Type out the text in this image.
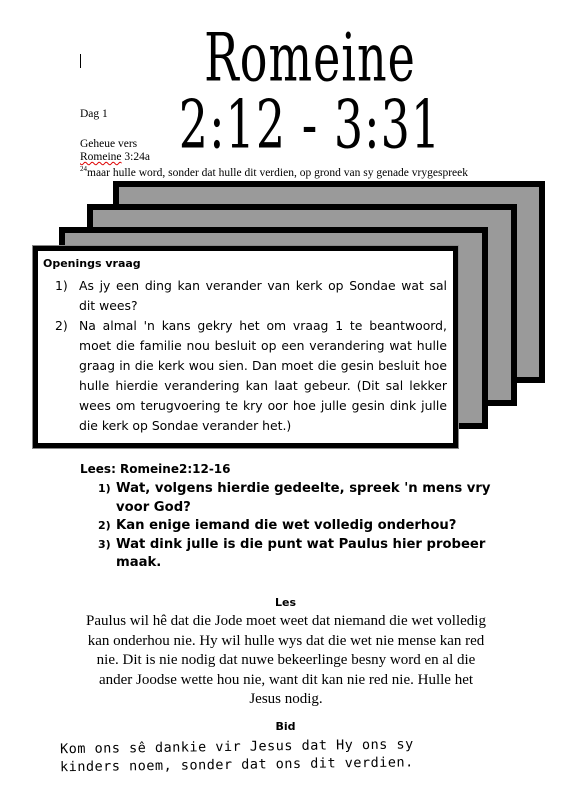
Romeine 2:12 - 3:31
Dag 1
Geheue vers
Romeine 3:24a
$^{24}$maar hulle word, sonder dat hulle dit verdien, op grond van sy genade vrygespreek
Openings vraag
1) As jy een ding kan verander van kerk op Sondae wat sal dit wees?
2) Na almal 'n kans gekry het om vraag 1 te beantwoord, moet die familie nou besluit op een verandering wat hulle graag in die kerk wou sien. Dan moet die gesin besluit hoe hulle hierdie verandering kan laat gebeur. (Dit sal lekker wees om terugvoering te kry oor hoe julle gesin dink julle die kerk op Sondae verander het.)
Lees: Romeine2:12-16
1) Wat, volgens hierdie gedeelte, spreek 'n mens vry voor God?
2) Kan enige iemand die wet volledig onderhou?
3) Wat dink julle is die punt wat Paulus hier probeer maak.
Les
Paulus wil hê dat die Jode moet weet dat niemand die wet volledig kan onderhou nie. Hy wil hulle wys dat die wet nie mense kan red nie. Dit is nie nodig dat nuwe bekeerlinge besny word en al die ander Joodse wette hou nie, want dit kan nie red nie. Hulle het Jesus nodig.
Bid
Kom ons sê dankie vir Jesus dat Hy ons sy
kinders noem, sonder dat ons dit verdien.
